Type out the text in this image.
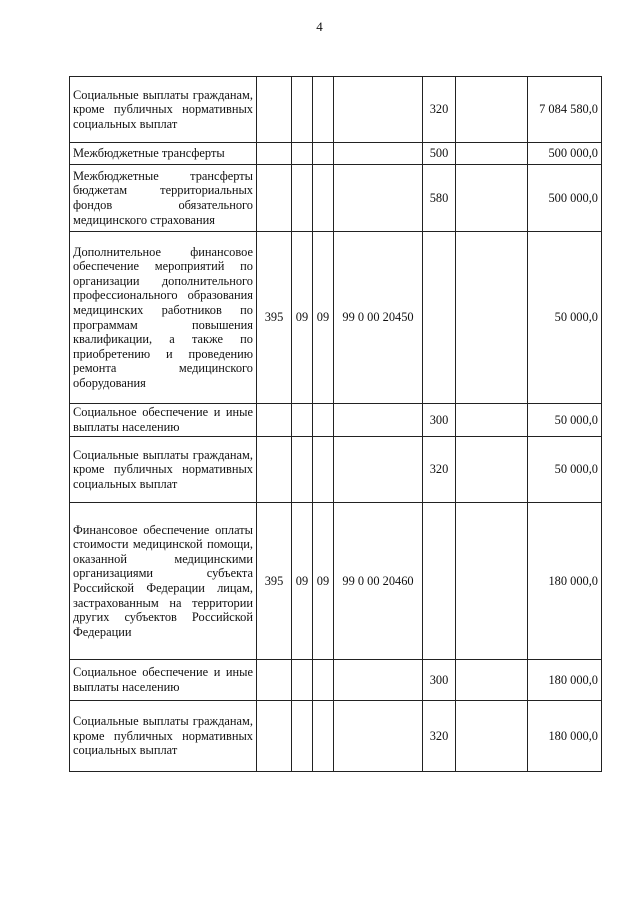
4
Социальные выплаты гражданам, кроме публичных нормативных социальных выплат					320		7 084 580,0
Межбюджетные трансферты					500		500 000,0
Межбюджетные трансферты бюджетам территориальных фондов обязательного медицинского страхования					580		500 000,0
Дополнительное финансовое обеспечение мероприятий по организации дополнительного профессионального образования медицинских работников по программам повышения квалификации, а также по приобретению и проведению ремонта медицинского оборудования	395	09	09	99 0 00 20450			50 000,0
Социальное обеспечение и иные выплаты населению					300		50 000,0
Социальные выплаты гражданам, кроме публичных нормативных социальных выплат					320		50 000,0
Финансовое обеспечение оплаты стоимости медицинской помощи, оказанной медицинскими организациями субъекта Российской Федерации лицам, застрахованным на территории других субъектов Российской Федерации	395	09	09	99 0 00 20460			180 000,0
Социальное обеспечение и иные выплаты населению					300		180 000,0
Социальные выплаты гражданам, кроме публичных нормативных социальных выплат					320		180 000,0
